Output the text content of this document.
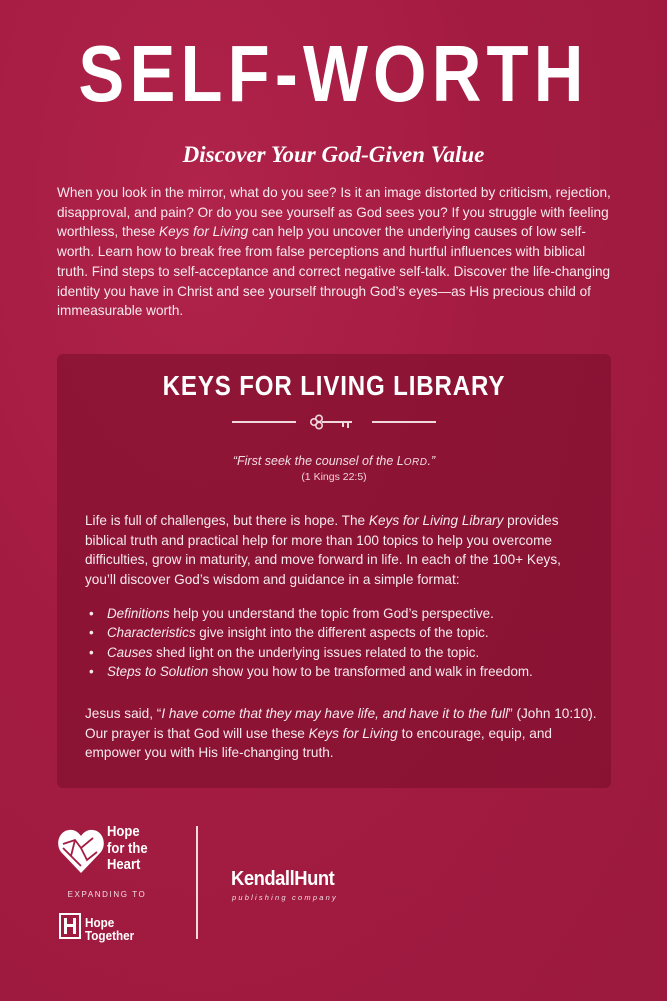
SELF-WORTH
Discover Your God-Given Value
When you look in the mirror, what do you see? Is it an image distorted by criticism, rejection, disapproval, and pain? Or do you see yourself as God sees you? If you struggle with feeling worthless, these Keys for Living can help you uncover the underlying causes of low self-worth. Learn how to break free from false perceptions and hurtful influences with biblical truth. Find steps to self-acceptance and correct negative self-talk. Discover the life-changing identity you have in Christ and see yourself through God’s eyes—as His precious child of immeasurable worth.
KEYS FOR LIVING LIBRARY
“First seek the counsel of the LORD.”
(1 Kings 22:5)
Life is full of challenges, but there is hope. The Keys for Living Library provides biblical truth and practical help for more than 100 topics to help you overcome difficulties, grow in maturity, and move forward in life. In each of the 100+ Keys, you’ll discover God’s wisdom and guidance in a simple format:
• Definitions help you understand the topic from God’s perspective.
• Characteristics give insight into the different aspects of the topic.
• Causes shed light on the underlying issues related to the topic.
• Steps to Solution show you how to be transformed and walk in freedom.
Jesus said, “I have come that they may have life, and have it to the full” (John 10:10). Our prayer is that God will use these Keys for Living to encourage, equip, and empower you with His life-changing truth.
Hope
for the
Heart
EXPANDING TO
Hope
Together
KendallHunt
publishing company
